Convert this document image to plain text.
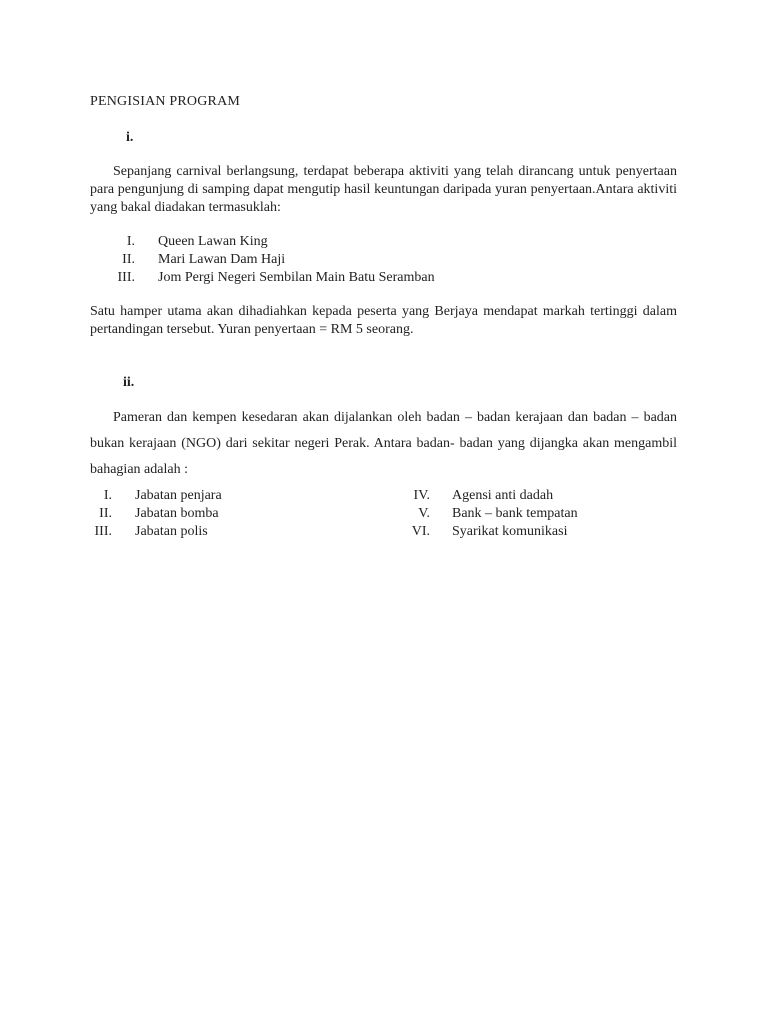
PENGISIAN PROGRAM
i.

Sepanjang carnival berlangsung, terdapat beberapa aktiviti yang telah dirancang untuk penyertaan para pengunjung di samping dapat mengutip hasil keuntungan daripada yuran penyertaan.Antara aktiviti yang bakal diadakan termasuklah:

I. Queen Lawan King
II. Mari Lawan Dam Haji
III. Jom Pergi Negeri Sembilan Main Batu Seramban

Satu hamper utama akan dihadiahkan kepada peserta yang Berjaya mendapat markah tertinggi dalam pertandingan tersebut. Yuran penyertaan = RM 5 seorang.

ii.

Pameran dan kempen kesedaran akan dijalankan oleh badan – badan kerajaan dan badan – badan bukan kerajaan (NGO) dari sekitar negeri Perak. Antara badan- badan yang dijangka akan mengambil bahagian adalah :

I. Jabatan penjara
II. Jabatan bomba
III. Jabatan polis
IV. Agensi anti dadah
V. Bank – bank tempatan
VI. Syarikat komunikasi
